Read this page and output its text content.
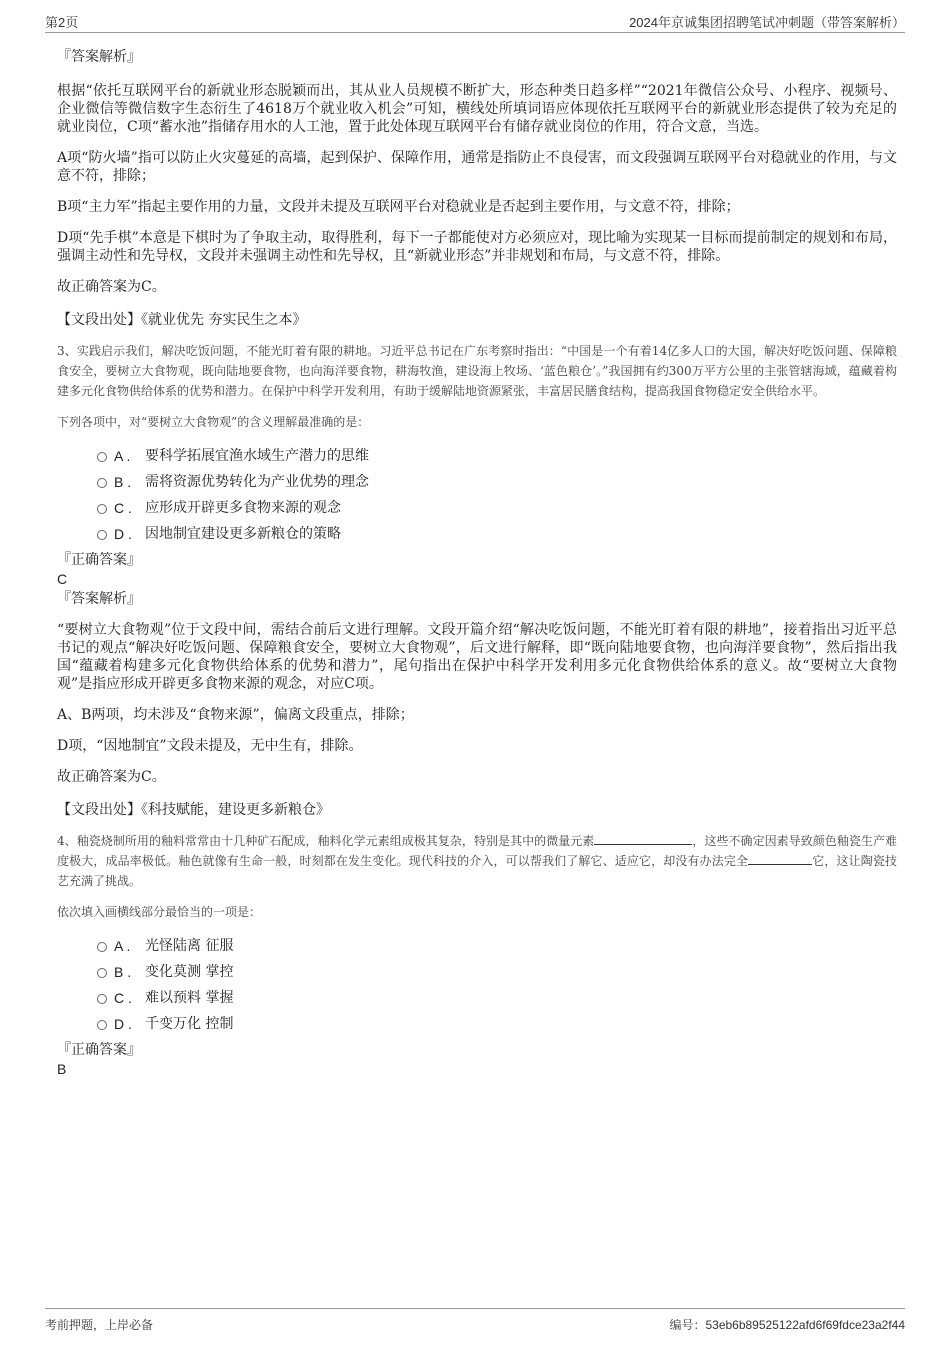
第2页	2024年京诚集团招聘笔试冲刺题（带答案解析）

『答案解析』

根据“依托互联网平台的新就业形态脱颖而出，其从业人员规模不断扩大，形态种类日趋多样”“2021年微信公众号、小程序、视频号、企业微信等微信数字生态衍生了4618万个就业收入机会”可知，横线处所填词语应体现依托互联网平台的新就业形态提供了较为充足的就业岗位，C项“蓄水池”指储存用水的人工池，置于此处体现互联网平台有储存就业岗位的作用，符合文意，当选。

A项“防火墙”指可以防止火灾蔓延的高墙，起到保护、保障作用，通常是指防止不良侵害，而文段强调互联网平台对稳就业的作用，与文意不符，排除；

B项“主力军”指起主要作用的力量，文段并未提及互联网平台对稳就业是否起到主要作用，与文意不符，排除；

D项“先手棋”本意是下棋时为了争取主动，取得胜利，每下一子都能使对方必须应对，现比喻为实现某一目标而提前制定的规划和布局，强调主动性和先导权，文段并未强调主动性和先导权，且“新就业形态”并非规划和布局，与文意不符，排除。

故正确答案为C。

【文段出处】《就业优先 夯实民生之本》

3、实践启示我们，解决吃饭问题，不能光盯着有限的耕地。习近平总书记在广东考察时指出：“中国是一个有着14亿多人口的大国，解决好吃饭问题、保障粮食安全，要树立大食物观，既向陆地要食物，也向海洋要食物，耕海牧渔，建设海上牧场、‘蓝色粮仓’。”我国拥有约300万平方公里的主张管辖海域，蕴藏着构建多元化食物供给体系的优势和潜力。在保护中科学开发利用，有助于缓解陆地资源紧张，丰富居民膳食结构，提高我国食物稳定安全供给水平。

下列各项中，对“要树立大食物观”的含义理解最准确的是：

A . 要科学拓展宜渔水域生产潜力的思维
B . 需将资源优势转化为产业优势的理念
C . 应形成开辟更多食物来源的观念
D . 因地制宜建设更多新粮仓的策略

『正确答案』

C

『答案解析』

“要树立大食物观”位于文段中间，需结合前后文进行理解。文段开篇介绍“解决吃饭问题，不能光盯着有限的耕地”，接着指出习近平总书记的观点“解决好吃饭问题、保障粮食安全，要树立大食物观”，后文进行解释，即“既向陆地要食物，也向海洋要食物”，然后指出我国“蕴藏着构建多元化食物供给体系的优势和潜力”，尾句指出在保护中科学开发利用多元化食物供给体系的意义。故“要树立大食物观”是指应形成开辟更多食物来源的观念，对应C项。

A、B两项，均未涉及“食物来源”，偏离文段重点，排除；

D项，“因地制宜”文段未提及，无中生有，排除。

故正确答案为C。

【文段出处】《科技赋能，建设更多新粮仓》

4、釉瓷烧制所用的釉料常常由十几种矿石配成，釉料化学元素组成极其复杂，特别是其中的微量元素	，这些不确定因素导致颜色釉瓷生产难度极大，成品率极低。釉色就像有生命一般，时刻都在发生变化。现代科技的介入，可以帮我们了解它、适应它，却没有办法完全	它，这让陶瓷技艺充满了挑战。

依次填入画横线部分最恰当的一项是：

A . 光怪陆离 征服
B . 变化莫测 掌控
C . 难以预料 掌握
D . 千变万化 控制

『正确答案』

B

考前押题，上岸必备	编号：53eb6b89525122afd6f69fdce23a2f44
